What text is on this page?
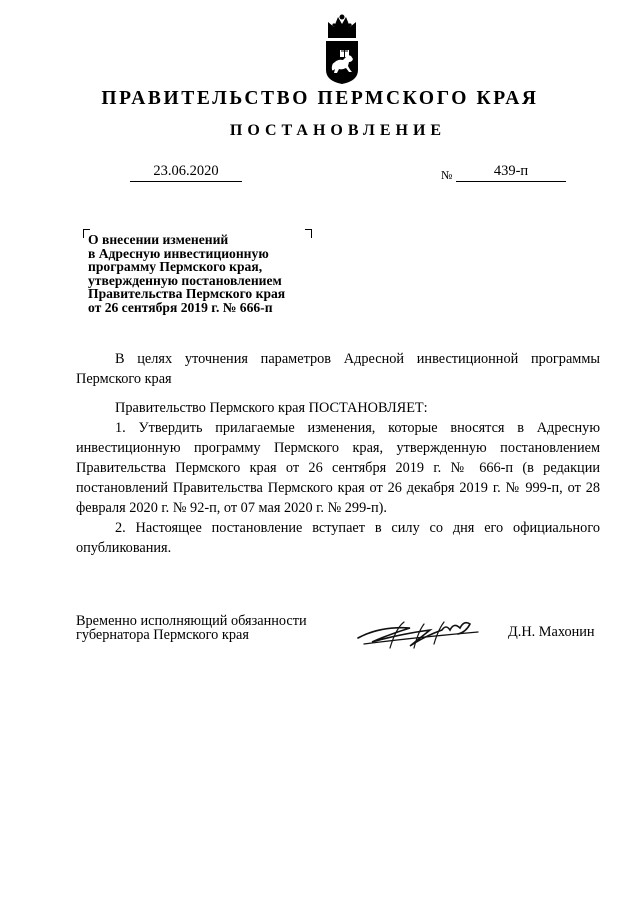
ПРАВИТЕЛЬСТВО ПЕРМСКОГО КРАЯ
ПОСТАНОВЛЕНИЕ
23.06.2020	№	439-п
О внесении изменений
в Адресную инвестиционную
программу Пермского края,
утвержденную постановлением
Правительства Пермского края
от 26 сентября 2019 г. № 666-п

В целях уточнения параметров Адресной инвестиционной программы Пермского края

Правительство Пермского края ПОСТАНОВЛЯЕТ:

1. Утвердить прилагаемые изменения, которые вносятся в Адресную инвестиционную программу Пермского края, утвержденную постановлением Правительства Пермского края от 26 сентября 2019 г. № 666-п (в редакции постановлений Правительства Пермского края от 26 декабря 2019 г. № 999-п, от 28 февраля 2020 г. № 92-п, от 07 мая 2020 г. № 299-п).

2. Настоящее постановление вступает в силу со дня его официального опубликования.

Временно исполняющий обязанности
губернатора Пермского края	Д.Н. Махонин
